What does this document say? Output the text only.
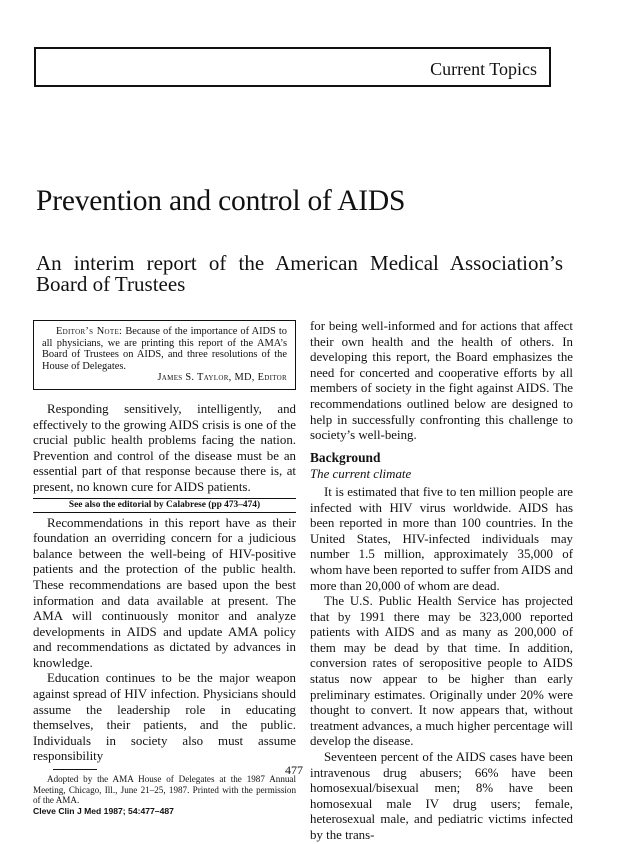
Current Topics
Prevention and control of AIDS
An interim report of the American Medical Association’s Board of Trustees

Editor’s Note: Because of the importance of AIDS to all physicians, we are printing this report of the AMA’s Board of Trustees on AIDS, and three resolutions of the House of Delegates.

James S. Taylor, MD, Editor

Responding sensitively, intelligently, and effectively to the growing AIDS crisis is one of the crucial public health problems facing the nation. Prevention and control of the disease must be an essential part of that response because there is, at present, no known cure for AIDS patients.

See also the editorial by Calabrese (pp 473–474)

Recommendations in this report have as their foundation an overriding concern for a judicious balance between the well-being of HIV-positive patients and the protection of the public health. These recommendations are based upon the best information and data available at present. The AMA will continuously monitor and analyze developments in AIDS and update AMA policy and recommendations as dictated by advances in knowledge.

Education continues to be the major weapon against spread of HIV infection. Physicians should assume the leadership role in educating themselves, their patients, and the public. Individuals in society also must assume responsibility

Adopted by the AMA House of Delegates at the 1987 Annual Meeting, Chicago, Ill., June 21–25, 1987. Printed with the permission of the AMA.

Cleve Clin J Med 1987; 54:477–487

for being well-informed and for actions that affect their own health and the health of others. In developing this report, the Board emphasizes the need for concerted and cooperative efforts by all members of society in the fight against AIDS. The recommendations outlined below are designed to help in successfully confronting this challenge to society’s well-being.

Background

The current climate

It is estimated that five to ten million people are infected with HIV virus worldwide. AIDS has been reported in more than 100 countries. In the United States, HIV-infected individuals may number 1.5 million, approximately 35,000 of whom have been reported to suffer from AIDS and more than 20,000 of whom are dead.

The U.S. Public Health Service has projected that by 1991 there may be 323,000 reported patients with AIDS and as many as 200,000 of them may be dead by that time. In addition, conversion rates of seropositive people to AIDS status now appear to be higher than early preliminary estimates. Originally under 20% were thought to convert. It now appears that, without treatment advances, a much higher percentage will develop the disease.

Seventeen percent of the AIDS cases have been intravenous drug abusers; 66% have been homosexual/bisexual men; 8% have been homosexual male IV drug users; female, heterosexual male, and pediatric victims infected by the trans-

477
